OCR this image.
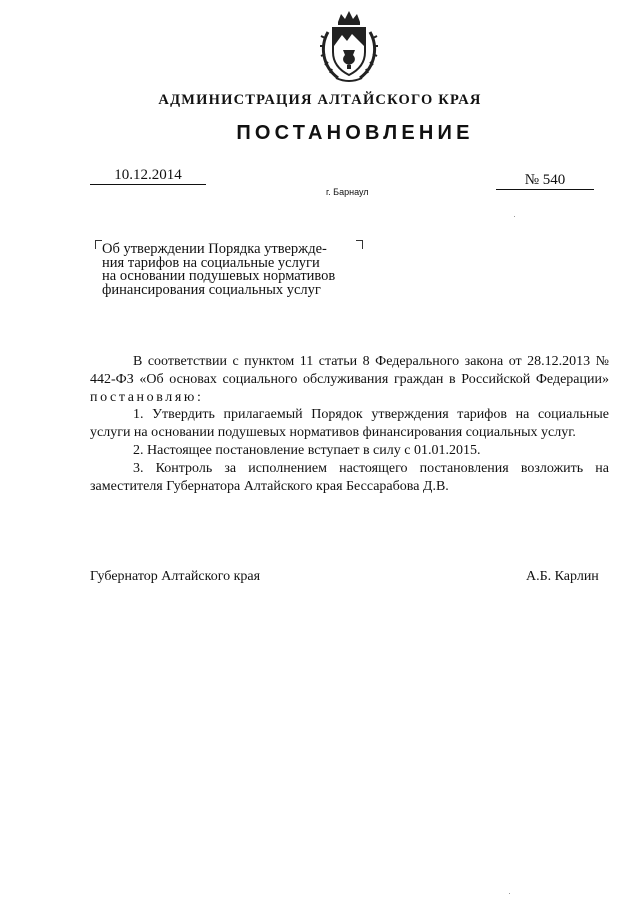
АДМИНИСТРАЦИЯ АЛТАЙСКОГО КРАЯ
ПОСТАНОВЛЕНИЕ
10.12.2014	№ 540
г. Барнаул
Об утверждении Порядка утвержде-
ния тарифов на социальные услуги
на основании подушевых нормативов
финансирования социальных услуг

В соответствии с пунктом 11 статьи 8 Федерального закона от 28.12.2013 № 442-ФЗ «Об основах социального обслуживания граждан в Российской Федерации» постановляю:

1. Утвердить прилагаемый Порядок утверждения тарифов на социальные услуги на основании подушевых нормативов финансирования социальных услуг.

2. Настоящее постановление вступает в силу с 01.01.2015.

3. Контроль за исполнением настоящего постановления возложить на заместителя Губернатора Алтайского края Бессарабова Д.В.

Губернатор Алтайского края	А.Б. Карлин
